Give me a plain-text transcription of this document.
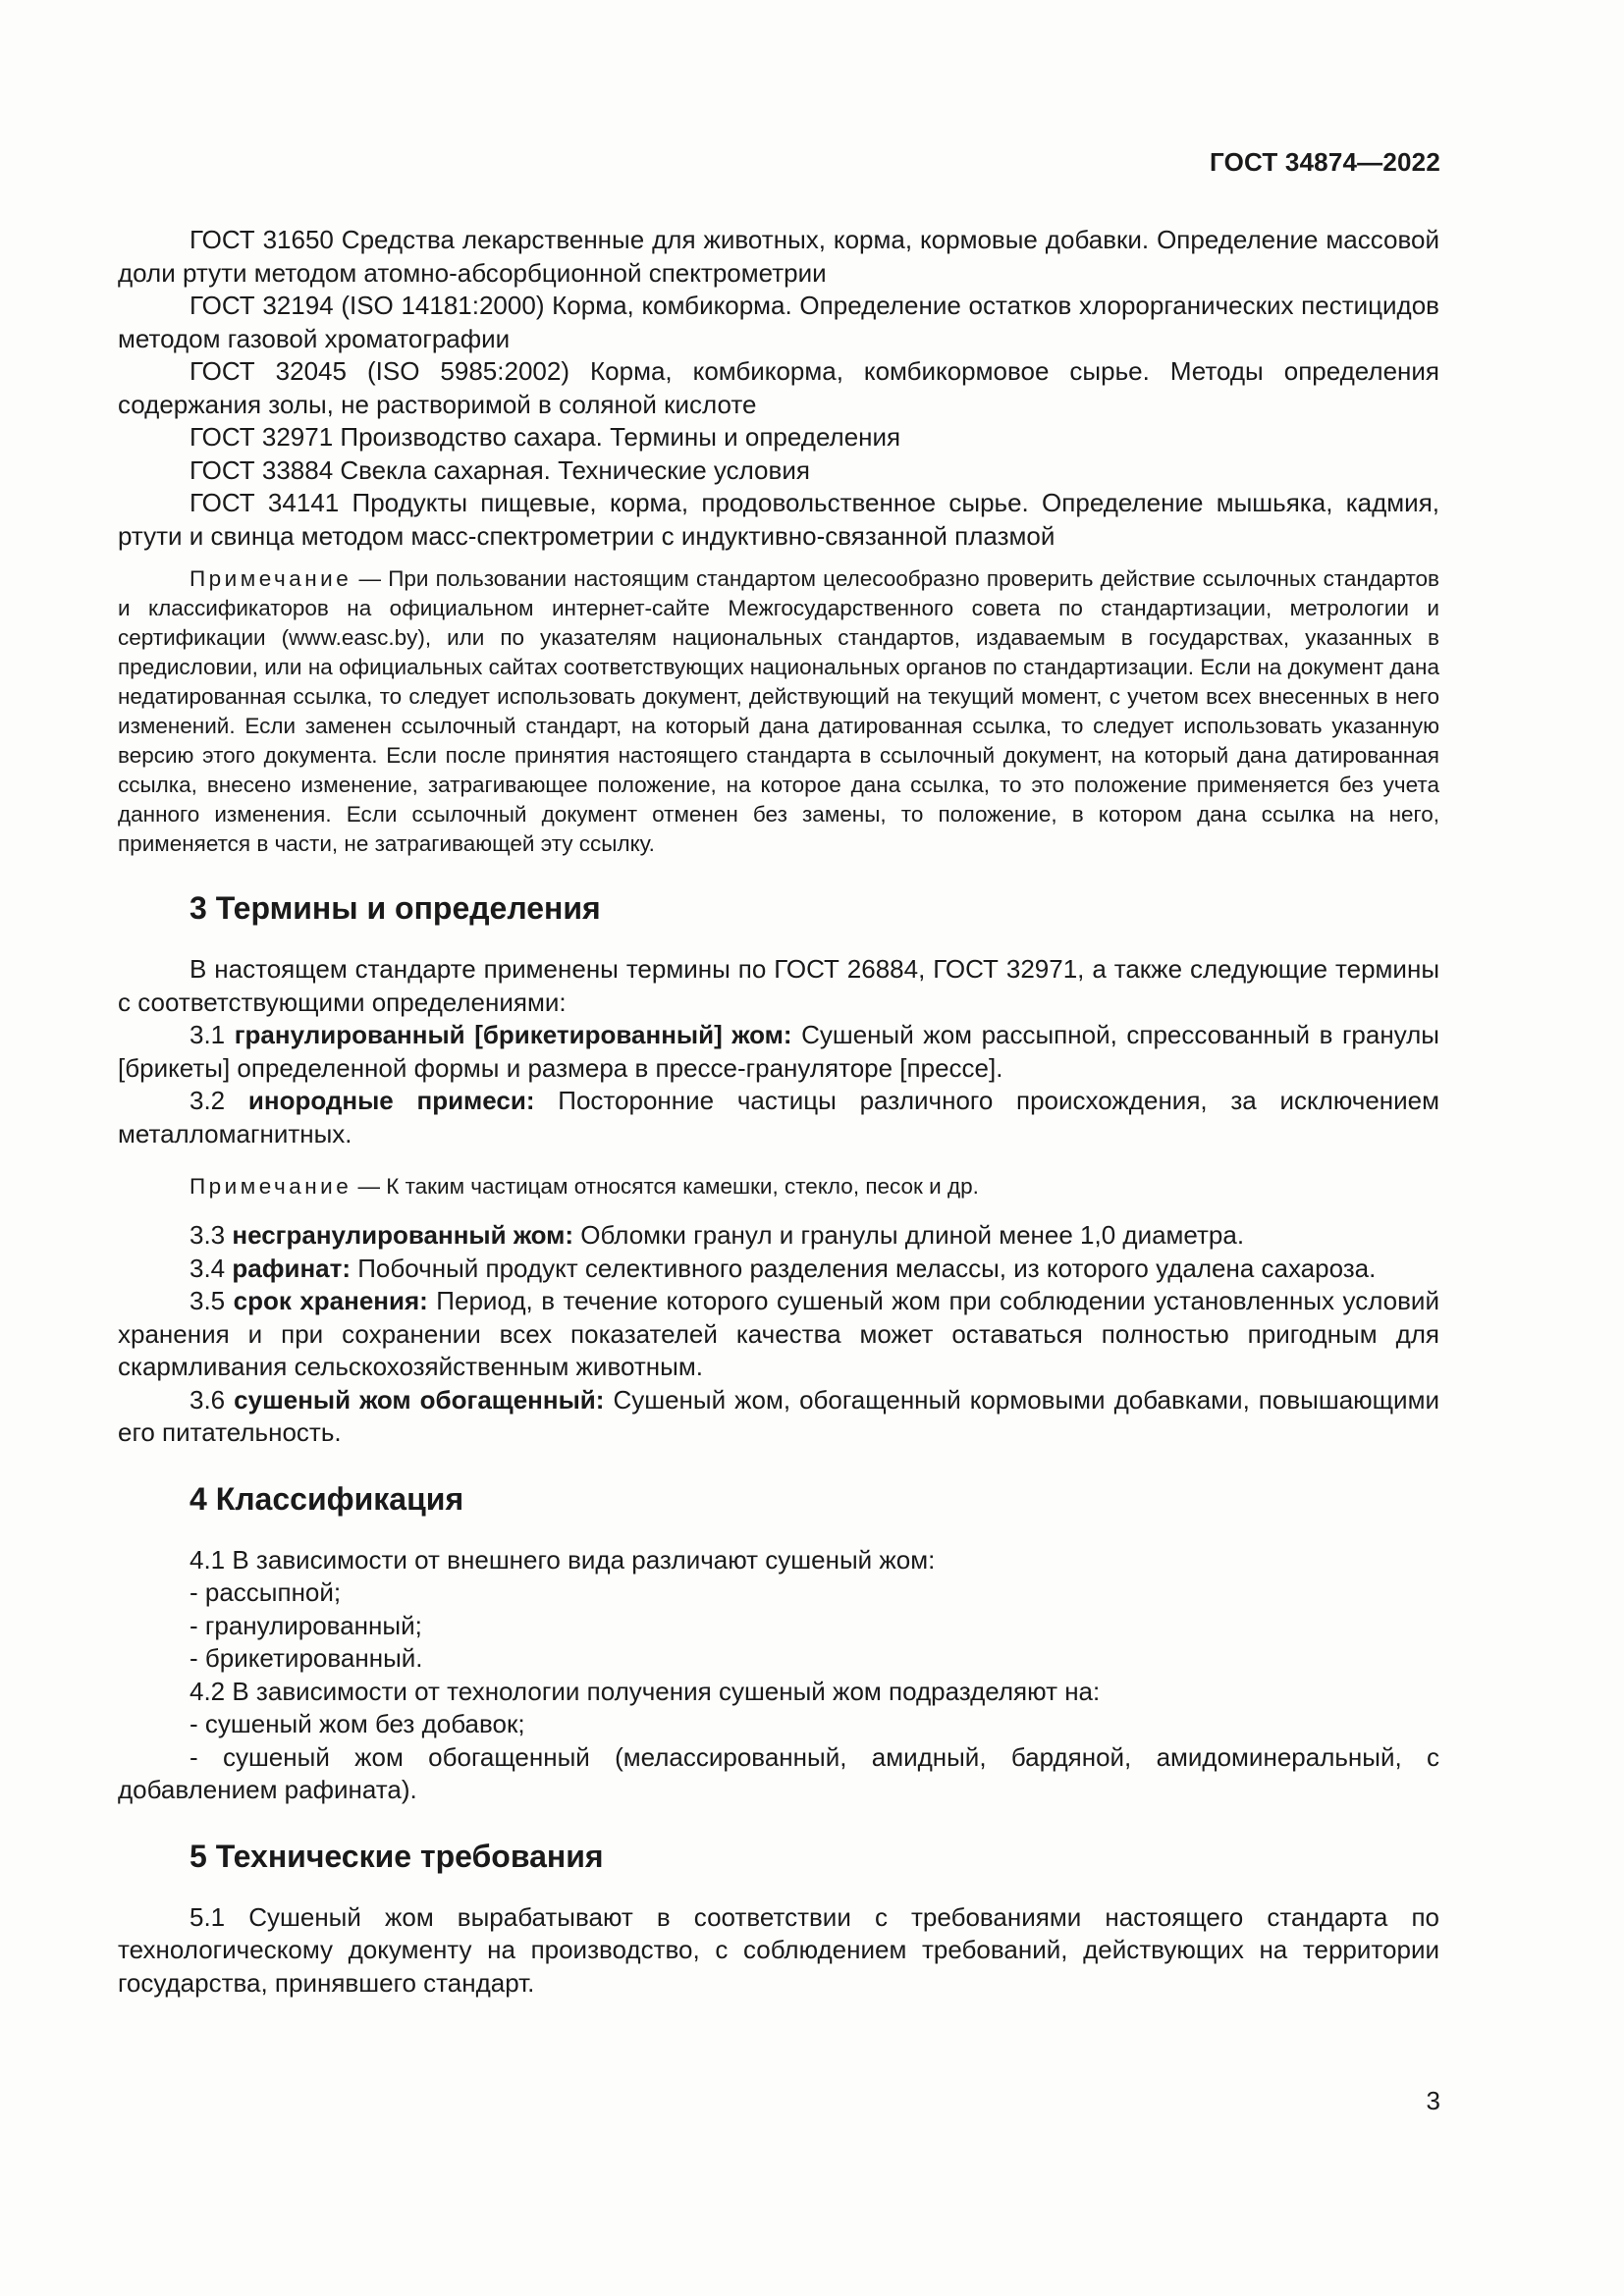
ГОСТ 34874—2022

ГОСТ 31650 Средства лекарственные для животных, корма, кормовые добавки. Определение массовой доли ртути методом атомно-абсорбционной спектрометрии

ГОСТ 32194 (ISO 14181:2000) Корма, комбикорма. Определение остатков хлорорганических пестицидов методом газовой хроматографии

ГОСТ 32045 (ISO 5985:2002) Корма, комбикорма, комбикормовое сырье. Методы определения содержания золы, не растворимой в соляной кислоте

ГОСТ 32971 Производство сахара. Термины и определения

ГОСТ 33884 Свекла сахарная. Технические условия

ГОСТ 34141 Продукты пищевые, корма, продовольственное сырье. Определение мышьяка, кадмия, ртути и свинца методом масс-спектрометрии с индуктивно-связанной плазмой

Примечание — При пользовании настоящим стандартом целесообразно проверить действие ссылочных стандартов и классификаторов на официальном интернет-сайте Межгосударственного совета по стандартизации, метрологии и сертификации (www.easc.by), или по указателям национальных стандартов, издаваемым в государствах, указанных в предисловии, или на официальных сайтах соответствующих национальных органов по стандартизации. Если на документ дана недатированная ссылка, то следует использовать документ, действующий на текущий момент, с учетом всех внесенных в него изменений. Если заменен ссылочный стандарт, на который дана датированная ссылка, то следует использовать указанную версию этого документа. Если после принятия настоящего стандарта в ссылочный документ, на который дана датированная ссылка, внесено изменение, затрагивающее положение, на которое дана ссылка, то это положение применяется без учета данного изменения. Если ссылочный документ отменен без замены, то положение, в котором дана ссылка на него, применяется в части, не затрагивающей эту ссылку.

3 Термины и определения

В настоящем стандарте применены термины по ГОСТ 26884, ГОСТ 32971, а также следующие термины с соответствующими определениями:

3.1 гранулированный [брикетированный] жом: Сушеный жом рассыпной, спрессованный в гранулы [брикеты] определенной формы и размера в прессе-грануляторе [прессе].

3.2 инородные примеси: Посторонние частицы различного происхождения, за исключением металломагнитных.

Примечание — К таким частицам относятся камешки, стекло, песок и др.

3.3 несгранулированный жом: Обломки гранул и гранулы длиной менее 1,0 диаметра.

3.4 рафинат: Побочный продукт селективного разделения мелассы, из которого удалена сахароза.

3.5 срок хранения: Период, в течение которого сушеный жом при соблюдении установленных условий хранения и при сохранении всех показателей качества может оставаться полностью пригодным для скармливания сельскохозяйственным животным.

3.6 сушеный жом обогащенный: Сушеный жом, обогащенный кормовыми добавками, повышающими его питательность.

4 Классификация

4.1 В зависимости от внешнего вида различают сушеный жом:

- рассыпной;

- гранулированный;

- брикетированный.

4.2 В зависимости от технологии получения сушеный жом подразделяют на:

- сушеный жом без добавок;

- сушеный жом обогащенный (мелассированный, амидный, бардяной, амидоминеральный, с добавлением рафината).

5 Технические требования

5.1 Сушеный жом вырабатывают в соответствии с требованиями настоящего стандарта по технологическому документу на производство, с соблюдением требований, действующих на территории государства, принявшего стандарт.

3
